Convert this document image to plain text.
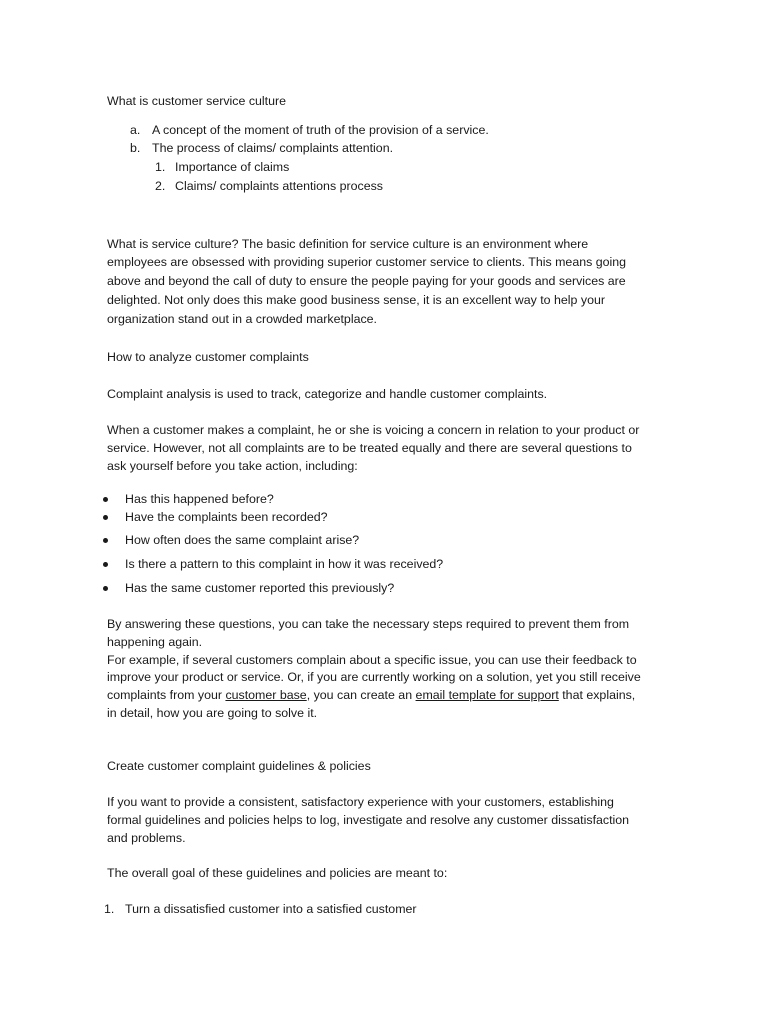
What is customer service culture
a. A concept of the moment of truth of the provision of a service.
b. The process of claims/ complaints attention.
1. Importance of claims
2. Claims/ complaints attentions process
What is service culture? The basic definition for service culture is an environment where
employees are obsessed with providing superior customer service to clients. This means going
above and beyond the call of duty to ensure the people paying for your goods and services are
delighted. Not only does this make good business sense, it is an excellent way to help your
organization stand out in a crowded marketplace.
How to analyze customer complaints
Complaint analysis is used to track, categorize and handle customer complaints.
When a customer makes a complaint, he or she is voicing a concern in relation to your product or
service. However, not all complaints are to be treated equally and there are several questions to
ask yourself before you take action, including:
Has this happened before?
Have the complaints been recorded?
How often does the same complaint arise?
Is there a pattern to this complaint in how it was received?
Has the same customer reported this previously?
By answering these questions, you can take the necessary steps required to prevent them from
happening again.
For example, if several customers complain about a specific issue, you can use their feedback to
improve your product or service. Or, if you are currently working on a solution, yet you still receive
complaints from your customer base, you can create an email template for support that explains,
in detail, how you are going to solve it.
Create customer complaint guidelines & policies
If you want to provide a consistent, satisfactory experience with your customers, establishing
formal guidelines and policies helps to log, investigate and resolve any customer dissatisfaction
and problems.
The overall goal of these guidelines and policies are meant to:
1. Turn a dissatisfied customer into a satisfied customer
